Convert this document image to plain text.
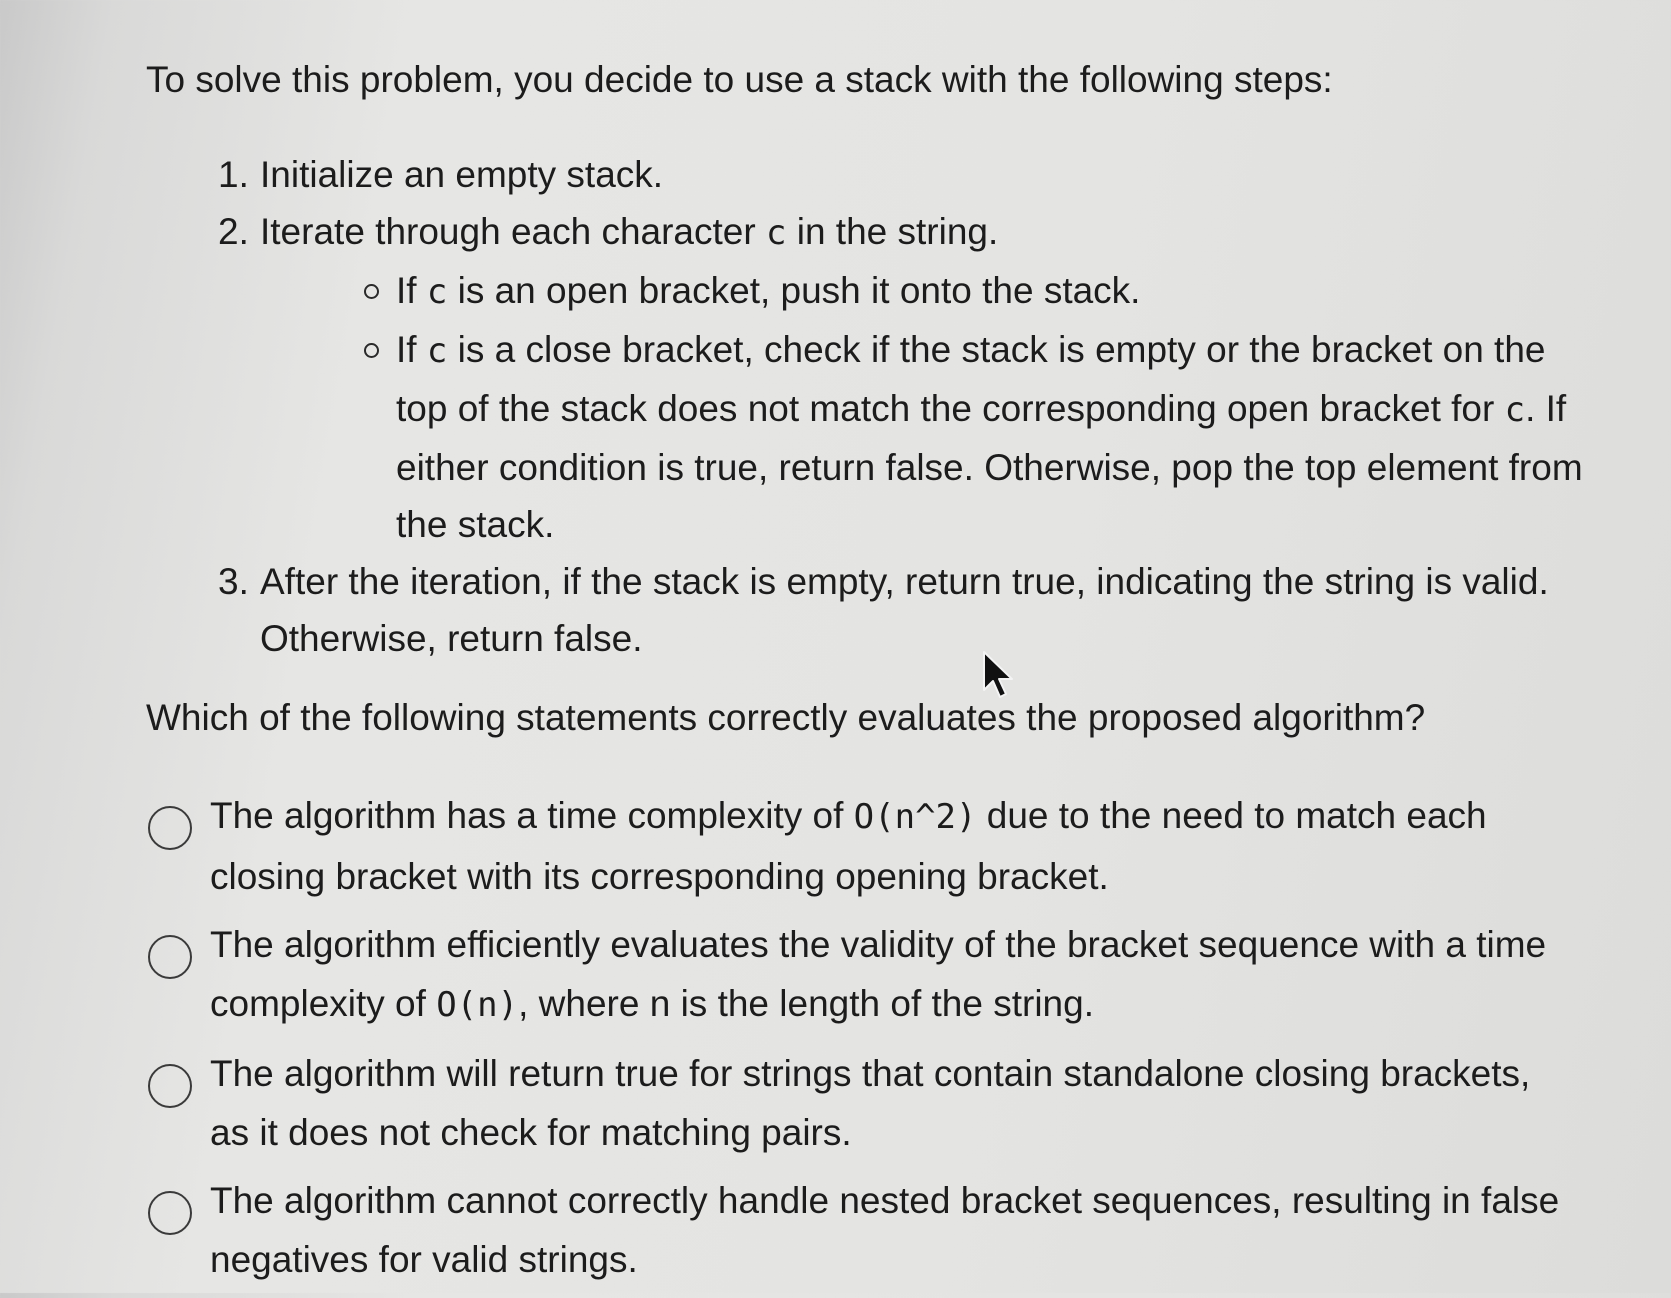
To solve this problem, you decide to use a stack with the following steps:
1. Initialize an empty stack.
2. Iterate through each character c in the string.
If c is an open bracket, push it onto the stack.
If c is a close bracket, check if the stack is empty or the bracket on the top of the stack does not match the corresponding open bracket for c. If either condition is true, return false. Otherwise, pop the top element from the stack.
3. After the iteration, if the stack is empty, return true, indicating the string is valid. Otherwise, return false.
Which of the following statements correctly evaluates the proposed algorithm?
The algorithm has a time complexity of O(n^2) due to the need to match each closing bracket with its corresponding opening bracket.
The algorithm efficiently evaluates the validity of the bracket sequence with a time complexity of O(n), where n is the length of the string.
The algorithm will return true for strings that contain standalone closing brackets, as it does not check for matching pairs.
The algorithm cannot correctly handle nested bracket sequences, resulting in false negatives for valid strings.
